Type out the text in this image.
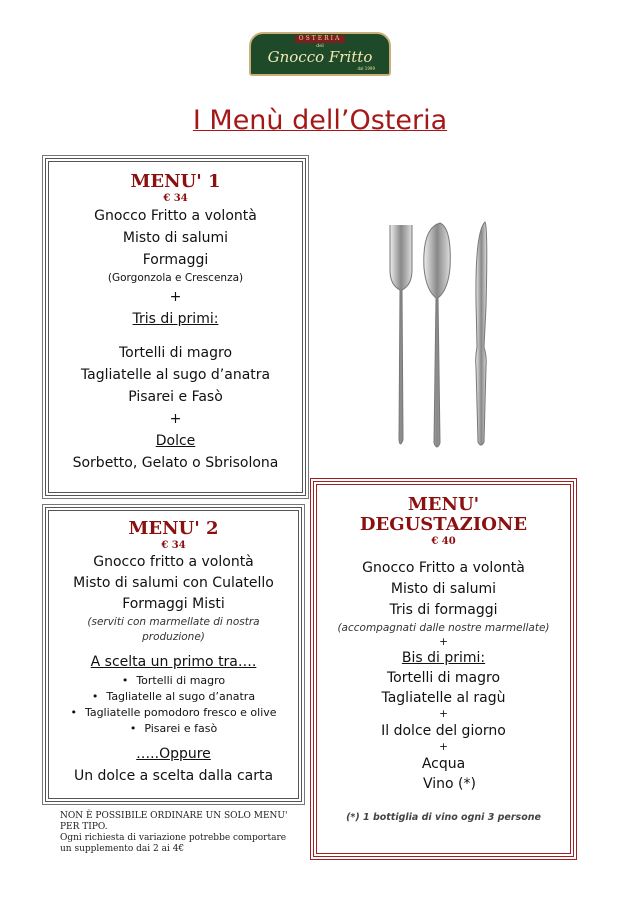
OSTERIA
del
Gnocco Fritto
dal 1999
I Menù dell’Osteria
MENU' 1
€ 34
Gnocco Fritto a volontà
Misto di salumi
Formaggi
(Gorgonzola e Crescenza)
+
Tris di primi:
Tortelli di magro
Tagliatelle al sugo d’anatra
Pisarei e Fasò
+
Dolce
Sorbetto, Gelato o Sbrisolona
MENU' 2
€ 34
Gnocco fritto a volontà
Misto di salumi con Culatello
Formaggi Misti
(serviti con marmellate di nostra produzione)
A scelta un primo tra….
• Tortelli di magro
• Tagliatelle al sugo d’anatra
• Tagliatelle pomodoro fresco e olive
• Pisarei e fasò
…..Oppure
Un dolce a scelta dalla carta
NON È POSSIBILE ORDINARE UN SOLO MENU' PER TIPO.
Ogni richiesta di variazione potrebbe comportare un supplemento dai 2 ai 4€
MENU'
DEGUSTAZIONE
€ 40
Gnocco Fritto a volontà
Misto di salumi
Tris di formaggi
(accompagnati dalle nostre marmellate)
+
Bis di primi:
Tortelli di magro
Tagliatelle al ragù
+
Il dolce del giorno
+
Acqua
Vino (*)
(*) 1 bottiglia di vino ogni 3 persone
